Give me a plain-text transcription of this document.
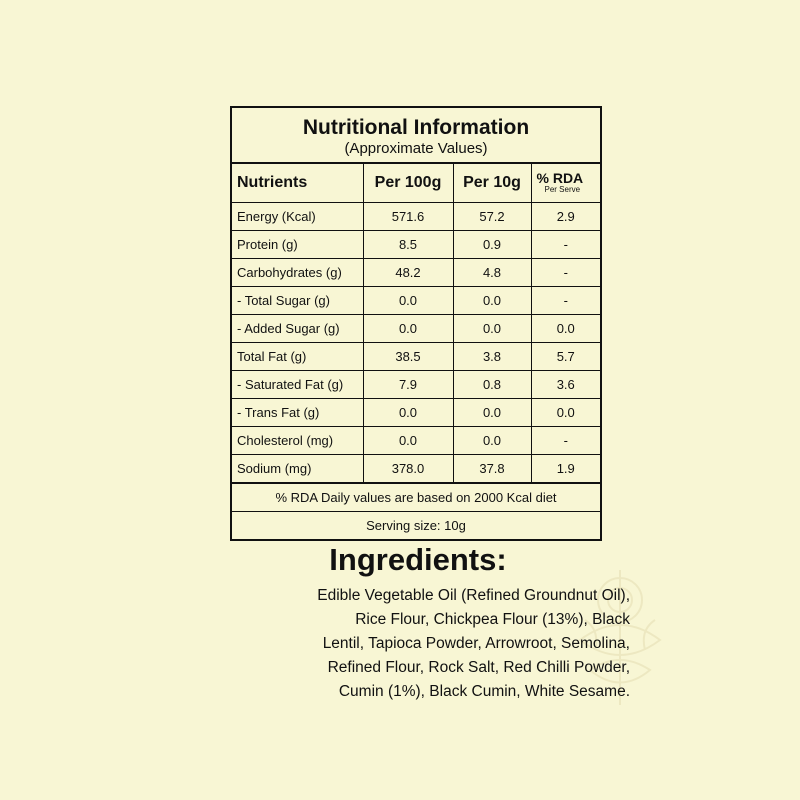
Nutritional Information
(Approximate Values)
Nutrients	Per 100g	Per 10g	% RDA
Per Serve

Energy (Kcal)	571.6	57.2	2.9
Protein (g)	8.5	0.9	-
Carbohydrates (g)	48.2	4.8	-
- Total Sugar (g)	0.0	0.0	-
- Added Sugar (g)	0.0	0.0	0.0
Total Fat (g)	38.5	3.8	5.7
- Saturated Fat (g)	7.9	0.8	3.6
- Trans Fat (g)	0.0	0.0	0.0
Cholesterol (mg)	0.0	0.0	-
Sodium (mg)	378.0	37.8	1.9
% RDA Daily values are based on 2000 Kcal diet
Serving size: 10g
Ingredients:
Edible Vegetable Oil (Refined Groundnut Oil),
Rice Flour, Chickpea Flour (13%), Black
Lentil, Tapioca Powder, Arrowroot, Semolina,
Refined Flour, Rock Salt, Red Chilli Powder,
Cumin (1%), Black Cumin, White Sesame.
